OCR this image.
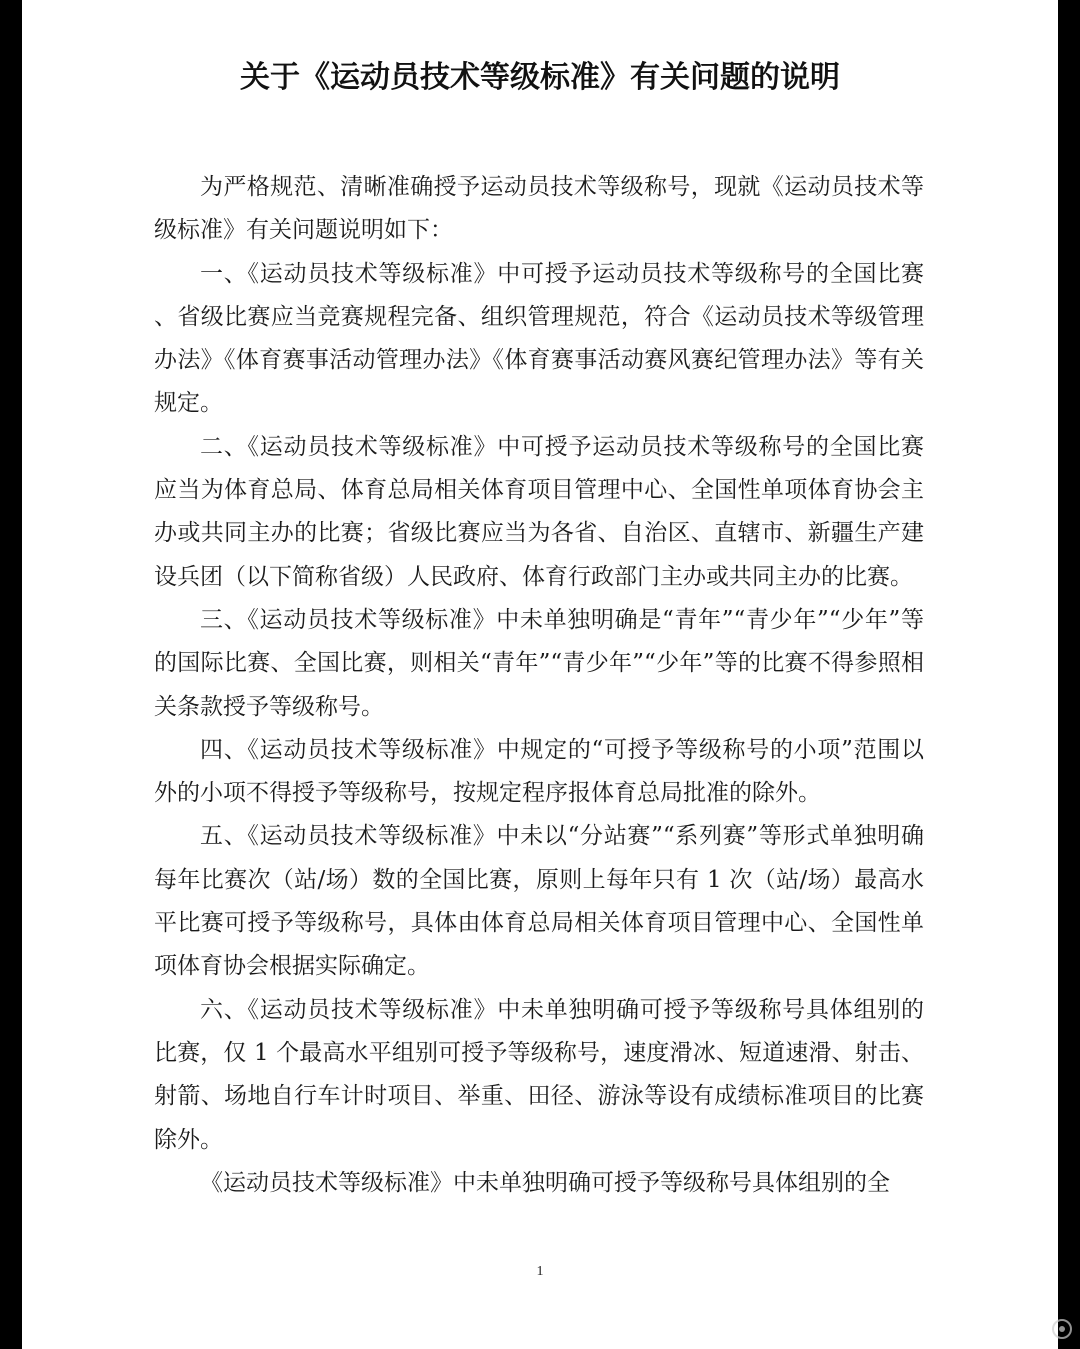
关于《运动员技术等级标准》有关问题的说明

为严格规范、清晰准确授予运动员技术等级称号，现就《运动员技术等级标准》有关问题说明如下：

一、《运动员技术等级标准》中可授予运动员技术等级称号的全国比赛、省级比赛应当竞赛规程完备、组织管理规范，符合《运动员技术等级管理办法》《体育赛事活动管理办法》《体育赛事活动赛风赛纪管理办法》等有关规定。

二、《运动员技术等级标准》中可授予运动员技术等级称号的全国比赛应当为体育总局、体育总局相关体育项目管理中心、全国性单项体育协会主办或共同主办的比赛；省级比赛应当为各省、自治区、直辖市、新疆生产建设兵团（以下简称省级）人民政府、体育行政部门主办或共同主办的比赛。

三、《运动员技术等级标准》中未单独明确是“青年”“青少年”“少年”等的国际比赛、全国比赛，则相关“青年”“青少年”“少年”等的比赛不得参照相关条款授予等级称号。

四、《运动员技术等级标准》中规定的“可授予等级称号的小项”范围以外的小项不得授予等级称号，按规定程序报体育总局批准的除外。

五、《运动员技术等级标准》中未以“分站赛”“系列赛”等形式单独明确每年比赛次（站/场）数的全国比赛，原则上每年只有 1 次（站/场）最高水平比赛可授予等级称号，具体由体育总局相关体育项目管理中心、全国性单项体育协会根据实际确定。

六、《运动员技术等级标准》中未单独明确可授予等级称号具体组别的比赛，仅 1 个最高水平组别可授予等级称号，速度滑冰、短道速滑、射击、射箭、场地自行车计时项目、举重、田径、游泳等设有成绩标准项目的比赛除外。

《运动员技术等级标准》中未单独明确可授予等级称号具体组别的全

1
